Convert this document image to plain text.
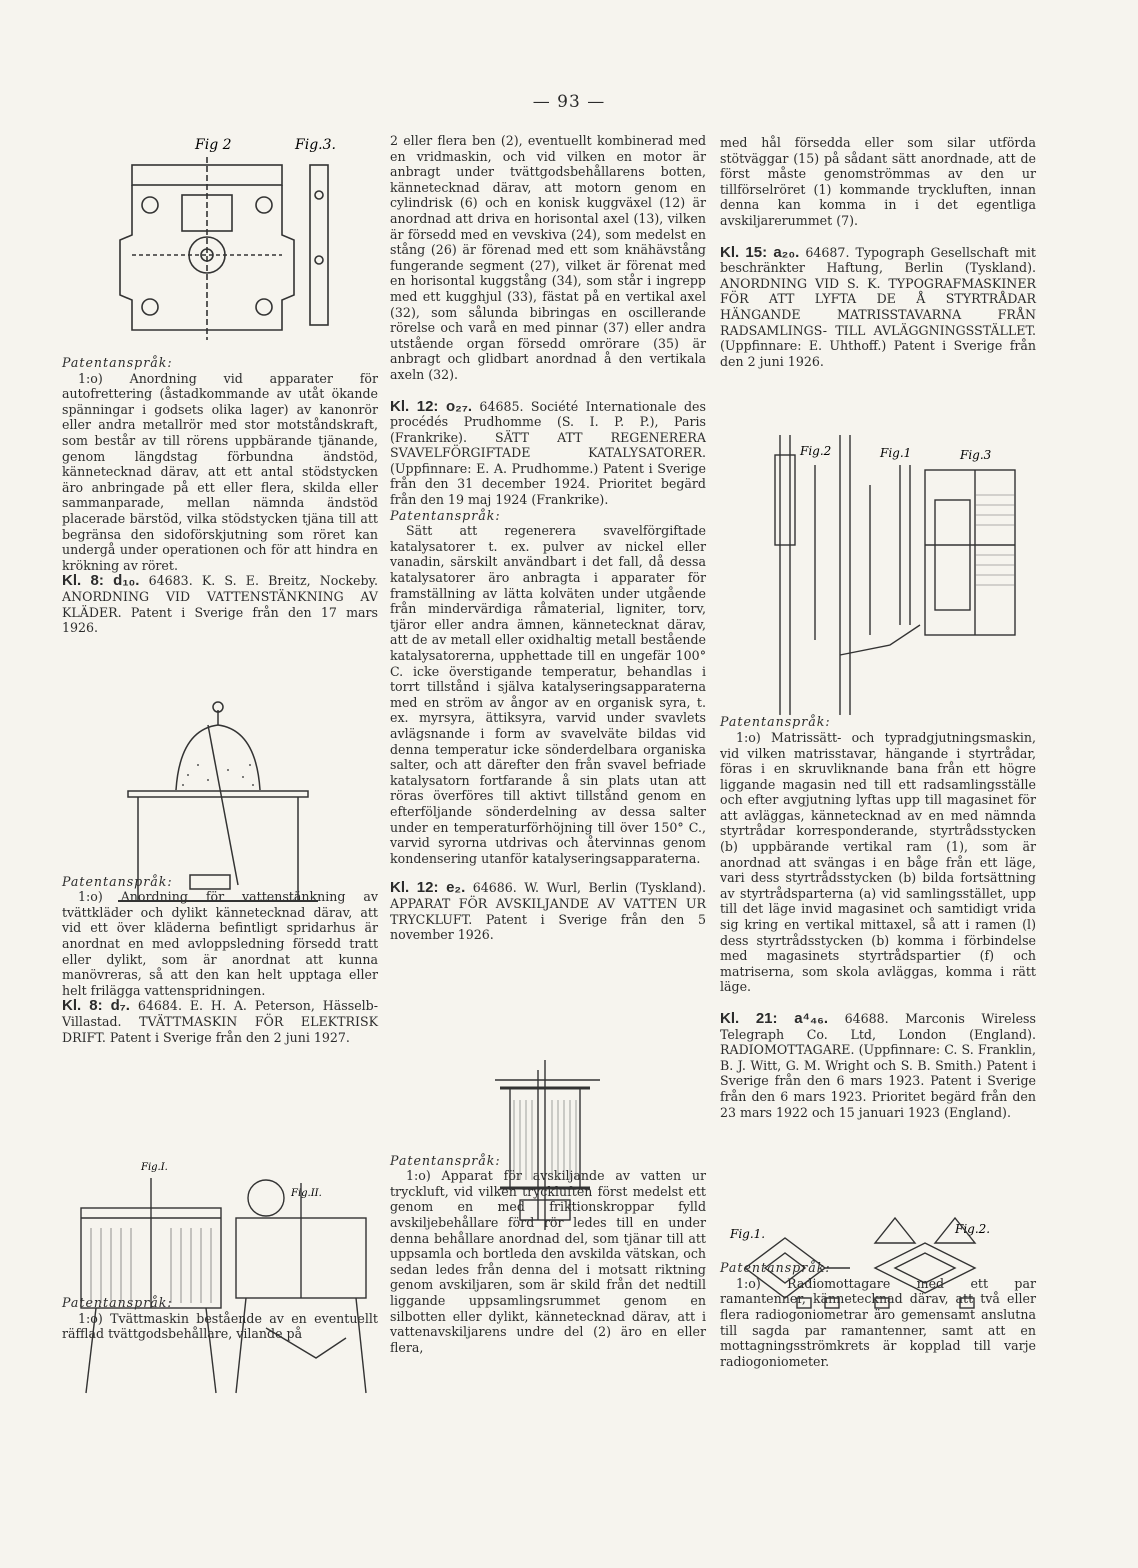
— 93 —
Fig 2	Fig.3.

Patentanspråk:

1:o) Anordning vid apparater för autofrettering (åstadkommande av utåt ökande spänningar i godsets olika lager) av kanonrör eller andra metallrör med stor motståndskraft, som består av till rörens uppbärande tjänande, genom längdstag förbundna ändstöd, kännetecknad därav, att ett antal stödstycken äro anbringade på ett eller flera, skilda eller sammanparade, mellan nämnda ändstöd placerade bärstöd, vilka stödstycken tjäna till att begränsa den sidoförskjutning som röret kan undergå under operationen och för att hindra en krökning av röret.

Kl. 8: d₁₀. 64683. K. S. E. Breitz, Nockeby. ANORDNING VID VATTENSTÄNKNING AV KLÄDER. Patent i Sverige från den 17 mars 1926.

Patentanspråk:

1:o) Anordning för vattenstänkning av tvättkläder och dylikt kännetecknad därav, att vid ett över kläderna befintligt spridarhus är anordnat en med avloppsledning försedd tratt eller dylikt, som är anordnat att kunna manövreras, så att den kan helt upptaga eller helt frilägga vattenspridningen.

Kl. 8: d₇. 64684. E. H. A. Peterson, Hässelb- Villastad. TVÄTTMASKIN FÖR ELEKTRISK DRIFT. Patent i Sverige från den 2 juni 1927.

Patentanspråk:

1:o) Tvättmaskin bestående av en eventuellt räfflad tvättgodsbehållare, vilande på

Fig.I.
Fig.II.

2 eller flera ben (2), eventuellt kombinerad med en vridmaskin, och vid vilken en motor är anbragt under tvättgodsbehållarens botten, kännetecknad därav, att motorn genom en cylindrisk (6) och en konisk kuggväxel (12) är anordnad att driva en horisontal axel (13), vilken är försedd med en vevskiva (24), som medelst en stång (26) är förenad med ett som knähävstång fungerande segment (27), vilket är förenat med en horisontal kuggstång (34), som står i ingrepp med ett kugghjul (33), fästat på en vertikal axel (32), som sålunda bibringas en oscillerande rörelse och varå en med pinnar (37) eller andra utstående organ försedd omrörare (35) är anbragt och glidbart anordnad å den vertikala axeln (32).

Kl. 12: o₂₇. 64685. Société Internationale des procédés Prudhomme (S. I. P. P.), Paris (Frankrike). SÄTT ATT REGENERERA SVAVELFÖRGIFTADE KATALYSATORER. (Uppfinnare: E. A. Prudhomme.) Patent i Sverige från den 31 december 1924. Prioritet begärd från den 19 maj 1924 (Frankrike).

Patentanspråk:

Sätt att regenerera svavelförgiftade katalysatorer t. ex. pulver av nickel eller vanadin, särskilt användbart i det fall, då dessa katalysatorer äro anbragta i apparater för framställning av lätta kolväten under utgående från mindervärdiga råmaterial, ligniter, torv, tjäror eller andra ämnen, kännetecknat därav, att de av metall eller oxidhaltig metall bestående katalysatorerna, upphettade till en ungefär 100° C. icke överstigande temperatur, behandlas i torrt tillstånd i själva katalyseringsapparaterna med en ström av ångor av en organisk syra, t. ex. myrsyra, ättiksyra, varvid under svavlets avlägsnande i form av svavelväte bildas vid denna temperatur icke sönderdelbara organiska salter, och att därefter den från svavel befriade katalysatorn fortfarande å sin plats utan att röras överföres till aktivt tillstånd genom en efterföljande sönderdelning av dessa salter under en temperaturförhöjning till över 150° C., varvid syrorna utdrivas och återvinnas genom kondensering utanför katalyseringsapparaterna.

Kl. 12: e₂. 64686. W. Wurl, Berlin (Tyskland). APPARAT FÖR AVSKILJANDE AV VATTEN UR TRYCKLUFT. Patent i Sverige från den 5 november 1926.

Patentanspråk:

1:o) Apparat för avskiljande av vatten ur tryckluft, vid vilken tryckluften först medelst ett genom en med friktionskroppar fylld avskiljebehållare förd rör ledes till en under denna behållare anordnad del, som tjänar till att uppsamla och bortleda den avskilda vätskan, och sedan ledes från denna del i motsatt riktning genom avskiljaren, som är skild från det nedtill liggande uppsamlingsrummet genom en silbotten eller dylikt, kännetecknad därav, att i vattenavskiljarens undre del (2) äro en eller flera,

med hål försedda eller som silar utförda stötväggar (15) på sådant sätt anordnade, att de först måste genomströmmas av den ur tillförselröret (1) kommande tryckluften, innan denna kan komma in i det egentliga avskiljarerummet (7).

Kl. 15: a₂₀. 64687. Typograph Gesellschaft mit beschränkter Haftung, Berlin (Tyskland). ANORDNING VID S. K. TYPOGRAFMASKINER FÖR ATT LYFTA DE Å STYRTRÅDAR HÄNGANDE MATRISSTAVARNA FRÅN RADSAMLINGS- TILL AVLÄGGNINGSSTÄLLET. (Uppfinnare: E. Uhthoff.) Patent i Sverige från den 2 juni 1926.

Patentanspråk:

1:o) Matrissätt- och typradgjutningsmaskin, vid vilken matrisstavar, hängande i styrtrådar, föras i en skruvliknande bana från ett högre liggande magasin ned till ett radsamlingsställe och efter avgjutning lyftas upp till magasinet för att avläggas, kännetecknad av en med nämnda styrtrådar korresponderande, styrtrådsstycken (b) uppbärande vertikal ram (1), som är anordnad att svängas i en båge från ett läge, vari dess styrtrådsstycken (b) bilda fortsättning av styrtrådsparterna (a) vid samlingsstället, upp till det läge invid magasinet och samtidigt vrida sig kring en vertikal mittaxel, så att i ramen (l) dess styrtrådsstycken (b) komma i förbindelse med magasinets styrtrådspartier (f) och matriserna, som skola avläggas, komma i rätt läge.

Kl. 21: a⁴₄₆. 64688. Marconis Wireless Telegraph Co. Ltd, London (England). RADIOMOTTAGARE. (Uppfinnare: C. S. Franklin, B. J. Witt, G. M. Wright och S. B. Smith.) Patent i Sverige från den 6 mars 1923. Patent i Sverige från den 6 mars 1923. Prioritet begärd från den 23 mars 1922 och 15 januari 1923 (England).

Patentanspråk:

1:o) Radiomottagare med ett par ramantenner, kännetecknad därav, att två eller flera radiogoniometrar äro gemensamt anslutna till sagda par ramantenner, samt att en mottagningsströmkrets är kopplad till varje radiogoniometer.

Fig.2	Fig.1	Fig.3
Fig.1.	Fig.2.
